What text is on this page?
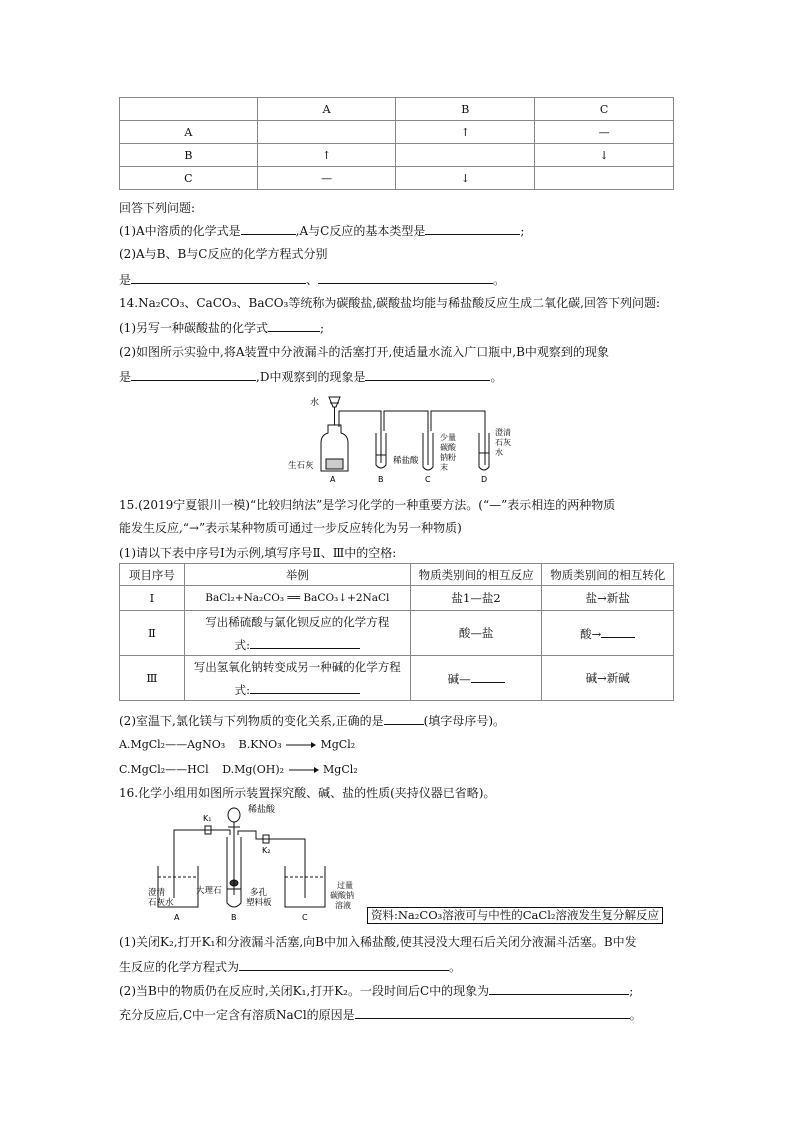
	A	B	C
A		↑	—
B	↑		↓
C	—	↓	
回答下列问题:
(1)A中溶质的化学式是	,A与C反应的基本类型是	;
(2)A与B、B与C反应的化学方程式分别
是	、	。
14.Na₂CO₃、CaCO₃、BaCO₃等统称为碳酸盐,碳酸盐均能与稀盐酸反应生成二氧化碳,回答下列问题:
(1)另写一种碳酸盐的化学式	;
(2)如图所示实验中,将A装置中分液漏斗的活塞打开,使适量水流入广口瓶中,B中观察到的现象
是	,D中观察到的现象是	。
水
生石灰	稀盐酸
少量
碳酸
钠粉
末
澄清
石灰
水
A	B	C	D
15.(2019宁夏银川一模)“比较归纳法”是学习化学的一种重要方法。(“—”表示相连的两种物质
能发生反应,“→”表示某种物质可通过一步反应转化为另一种物质)
(1)请以下表中序号Ⅰ为示例,填写序号Ⅱ、Ⅲ中的空格:
项目序号	举例	物质类别间的相互反应	物质类别间的相互转化
Ⅰ	BaCl₂+Na₂CO₃ ══ BaCO₃↓+2NaCl	盐1—盐2	盐→新盐
Ⅱ	写出稀硫酸与氯化钡反应的化学方程
式:	酸—盐	酸→
Ⅲ	写出氢氧化钠转变成另一种碱的化学方程
式:	碱—	碱→新碱
(2)室温下,氯化镁与下列物质的变化关系,正确的是	(填字母序号)。
A.MgCl₂——AgNO₃ B.KNO₃	MgCl₂
C.MgCl₂——HCl D.Mg(OH)₂	MgCl₂
16.化学小组用如图所示装置探究酸、碱、盐的性质(夹持仪器已省略)。
稀盐酸
K₁
K₂
澄清
石灰水
大理石	多孔
塑料板
过量
碳酸钠
溶液
A	B	C	资料:Na₂CO₃溶液可与中性的CaCl₂溶液发生复分解反应
(1)关闭K₂,打开K₁和分液漏斗活塞,向B中加入稀盐酸,使其浸没大理石后关闭分液漏斗活塞。B中发
生反应的化学方程式为	。
(2)当B中的物质仍在反应时,关闭K₁,打开K₂。一段时间后C中的现象为	;
充分反应后,C中一定含有溶质NaCl的原因是	。
